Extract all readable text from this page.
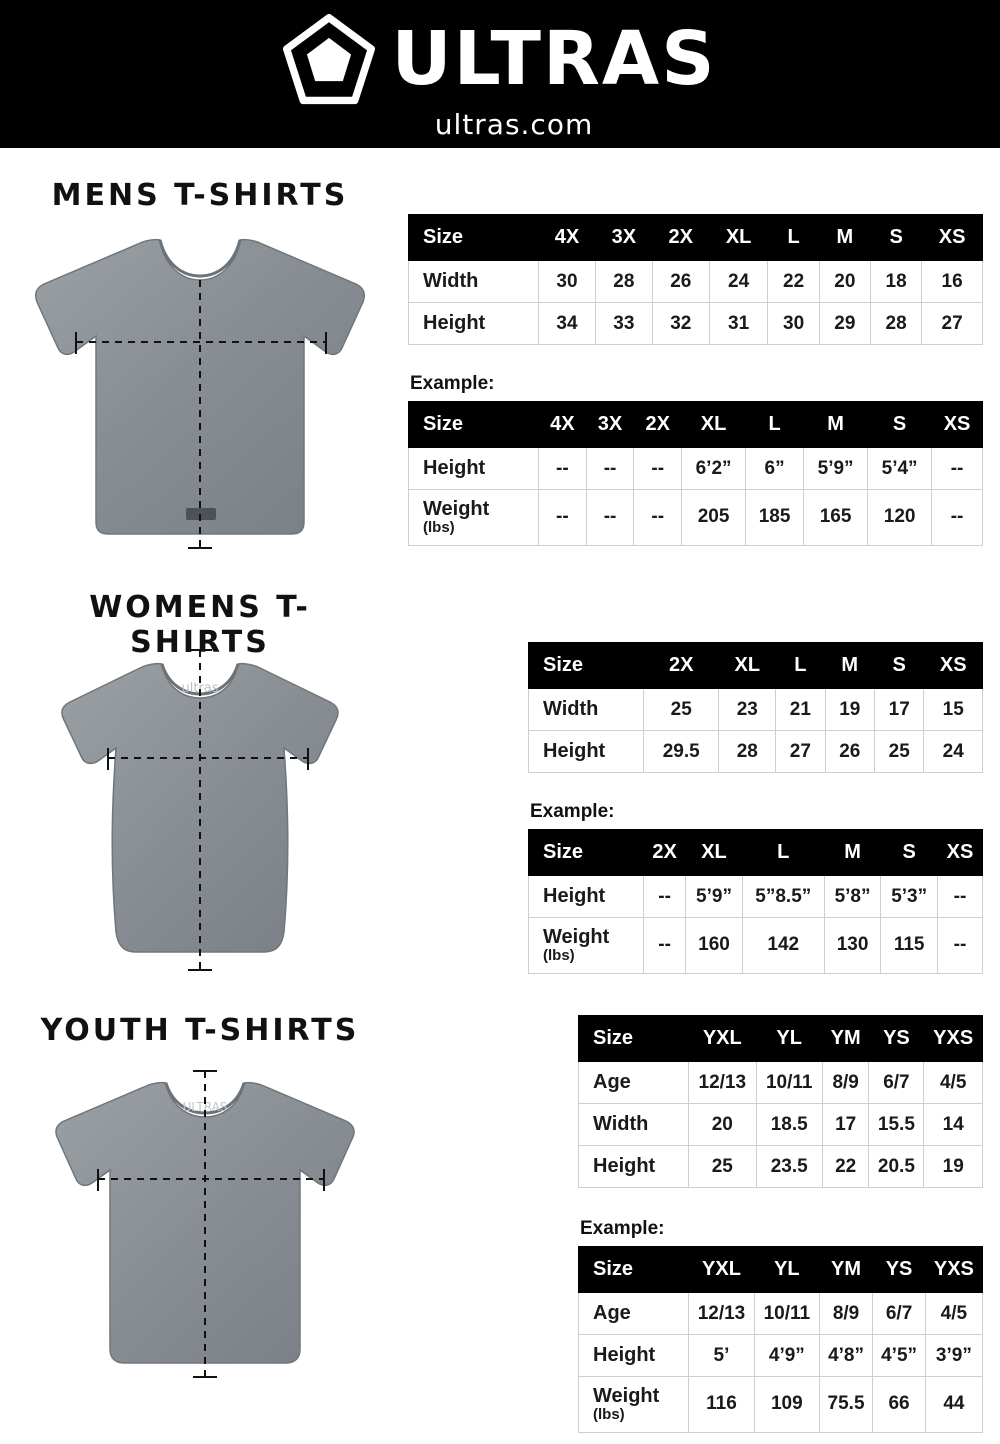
ULTRAS
ultras.com
MENS T-SHIRTS
Size	4X	3X	2X	XL	L	M	S	XS
Width	30	28	26	24	22	20	18	16
Height	34	33	32	31	30	29	28	27
Example:
Size	4X	3X	2X	XL	L	M	S	XS
Height	--	--	--	6’2”	6”	5’9”	5’4”	--
Weight
(lbs)	--	--	--	205	185	165	120	--
WOMENS T-SHIRTS
ultras
Size	2X	XL	L	M	S	XS
Width	25	23	21	19	17	15
Height	29.5	28	27	26	25	24
Example:
Size	2X	XL	L	M	S	XS
Height	--	5’9”	5”8.5”	5’8”	5’3”	--
Weight
(lbs)	--	160	142	130	115	--
YOUTH T-SHIRTS
ULTRAS
Size	YXL	YL	YM	YS	YXS
Age	12/13	10/11	8/9	6/7	4/5
Width	20	18.5	17	15.5	14
Height	25	23.5	22	20.5	19
Example:
Size	YXL	YL	YM	YS	YXS
Age	12/13	10/11	8/9	6/7	4/5
Height	5’	4’9”	4’8”	4’5”	3’9”
Weight
(lbs)	116	109	75.5	66	44
